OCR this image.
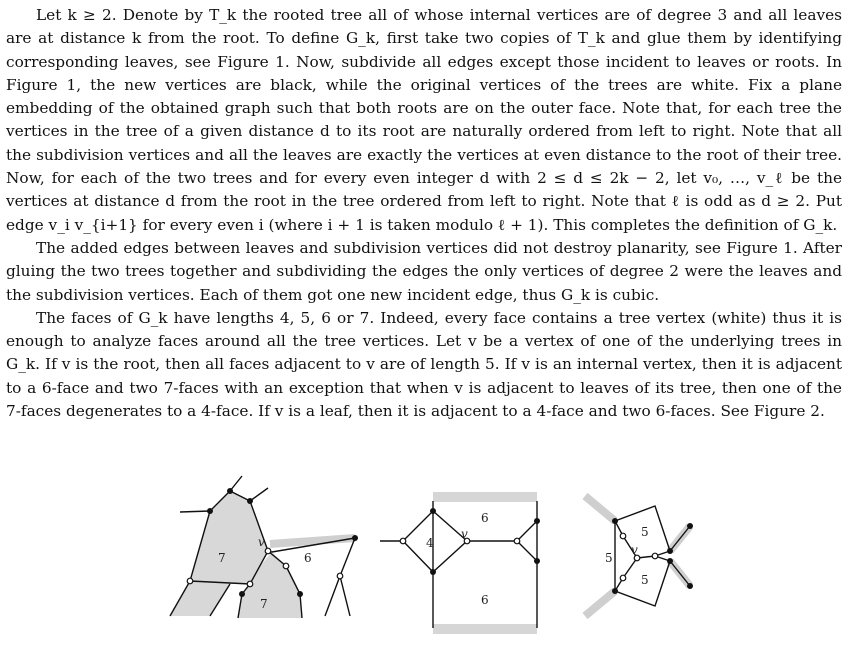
Let k ≥ 2. Denote by T_k the rooted tree all of whose internal vertices are of degree 3 and all leaves are at distance k from the root. To define G_k, first take two copies of T_k and glue them by identifying corresponding leaves, see Figure 1. Now, subdivide all edges except those incident to leaves or roots. In Figure 1, the new vertices are black, while the original vertices of the trees are white. Fix a plane embedding of the obtained graph such that both roots are on the outer face. Note that, for each tree the vertices in the tree of a given distance d to its root are naturally ordered from left to right. Note that all the subdivision vertices and all the leaves are exactly the vertices at even distance to the root of their tree. Now, for each of the two trees and for every even integer d with 2 ≤ d ≤ 2k − 2, let v₀, …, v_ℓ be the vertices at distance d from the root in the tree ordered from left to right. Note that ℓ is odd as d ≥ 2. Put edge v_i v_{i+1} for every even i (where i + 1 is taken modulo ℓ + 1). This completes the definition of G_k.

The added edges between leaves and subdivision vertices did not destroy planarity, see Figure 1. After gluing the two trees together and subdividing the edges the only vertices of degree 2 were the leaves and the subdivision vertices. Each of them got one new incident edge, thus G_k is cubic.

The faces of G_k have lengths 4, 5, 6 or 7. Indeed, every face contains a tree vertex (white) thus it is enough to analyze faces around all the tree vertices. Let v be a vertex of one of the underlying trees in G_k. If v is the root, then all faces adjacent to v are of length 5. If v is an internal vertex, then it is adjacent to a 6-face and two 7-faces with an exception that when v is adjacent to leaves of its tree, then one of the 7-faces degenerates to a 4-face. If v is a leaf, then it is adjacent to a 4-face and two 6-faces. See Figure 2.

7	6
7
v
6
4
6
v	5
5
5
v
